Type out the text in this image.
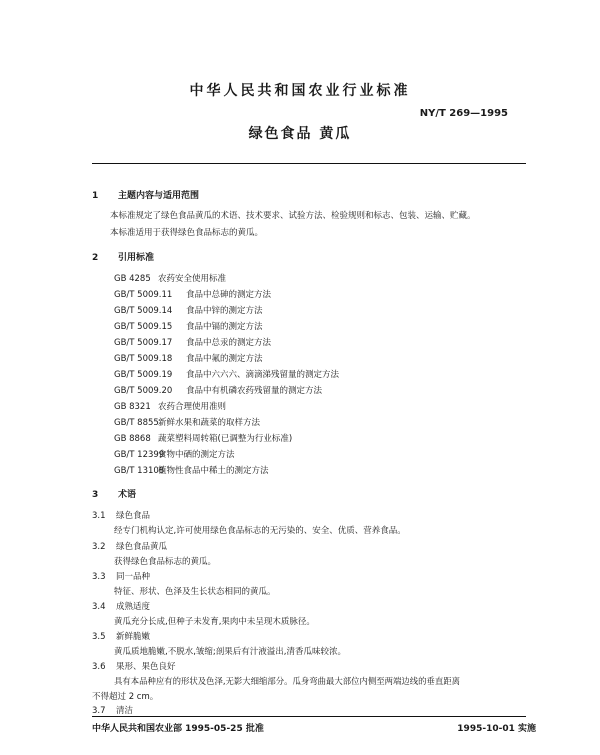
中华人民共和国农业行业标准
NY/T 269—1995
绿色食品 黄瓜
1 主题内容与适用范围
本标准规定了绿色食品黄瓜的术语、技术要求、试验方法、检验规则和标志、包装、运输、贮藏。
本标准适用于获得绿色食品标志的黄瓜。
2 引用标准
GB 4285 农药安全使用标准
GB/T 5009.11 食品中总砷的测定方法
GB/T 5009.14 食品中锌的测定方法
GB/T 5009.15 食品中镉的测定方法
GB/T 5009.17 食品中总汞的测定方法
GB/T 5009.18 食品中氟的测定方法
GB/T 5009.19 食品中六六六、滴滴涕残留量的测定方法
GB/T 5009.20 食品中有机磷农药残留量的测定方法
GB 8321 农药合理使用准则
GB/T 8855新鲜水果和蔬菜的取样方法
GB 8868 蔬菜塑料周转箱(已调整为行业标准)
GB/T 12399食物中硒的测定方法
GB/T 13108植物性食品中稀土的测定方法
3 术语
3.1 绿色食品
经专门机构认定,许可使用绿色食品标志的无污染的、安全、优质、营养食品。
3.2 绿色食品黄瓜
获得绿色食品标志的黄瓜。
3.3 同一品种
特征、形状、色泽及生长状态相同的黄瓜。
3.4 成熟适度
黄瓜充分长成,但种子未发育,果肉中未呈现木质脉径。
3.5 新鲜脆嫩
黄瓜质地脆嫩,不脱水,皱缩;剖果后有汁液溢出,清香瓜味较浓。
3.6 果形、果色良好
具有本品种应有的形状及色泽,无影大细缩部分。瓜身弯曲最大部位内侧至两端边线的垂直距离
不得超过 2 cm。
3.7 清洁
中华人民共和国农业部 1995-05-25 批准	1995-10-01 实施
